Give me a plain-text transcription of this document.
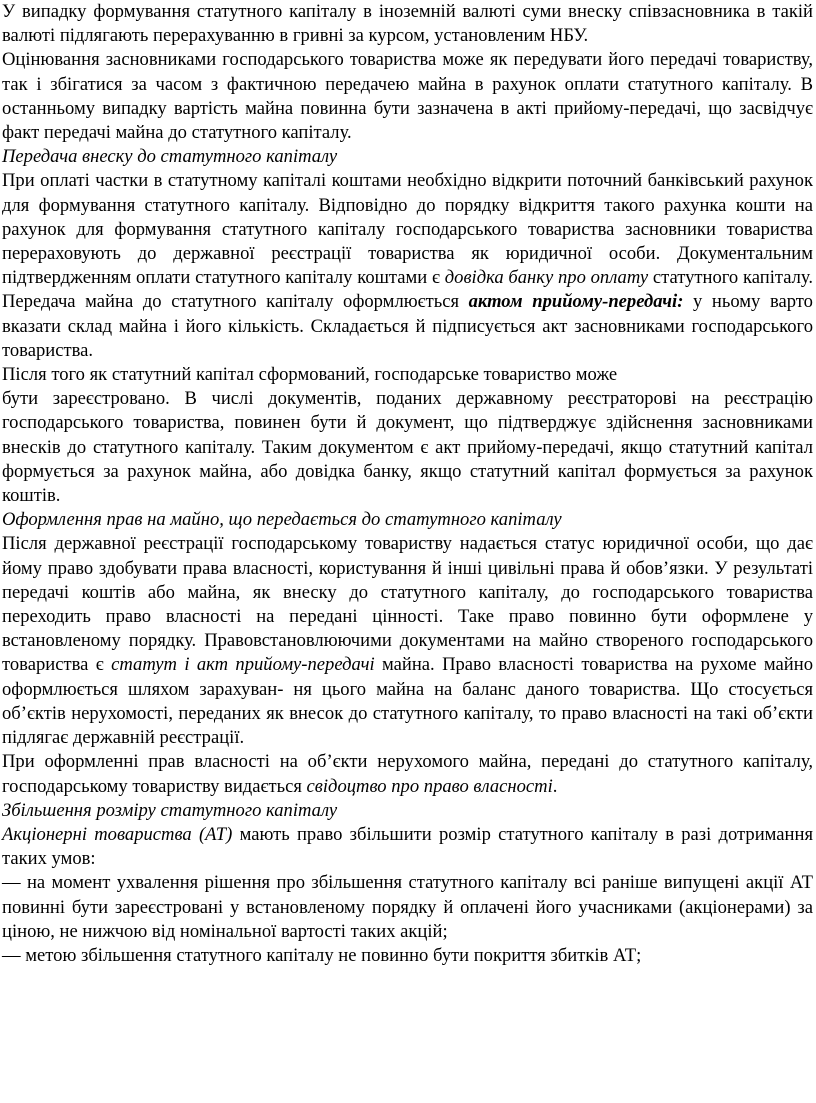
У випадку формування статутного капіталу в іноземній валюті суми внеску співзасновника в такій валюті підлягають перерахуванню в гривні за курсом, установленим НБУ.

Оцінювання засновниками господарського товариства може як передувати його передачі товариству, так і збігатися за часом з фактичною передачею майна в рахунок оплати статутного капіталу. В останньому випадку вартість майна повинна бути зазначена в акті прийому-передачі, що засвідчує факт передачі майна до статутного капіталу.

Передача внеску до статутного капіталу

При оплаті частки в статутному капіталі коштами необхідно відкрити поточний банківський рахунок для формування статутного капіталу. Відповідно до порядку відкриття такого рахунка кошти на рахунок для формування статутного капіталу господарського товариства засновники товариства перераховують до державної реєстрації товариства як юридичної особи. Документальним підтвердженням оплати статутного капіталу коштами є довідка банку про оплату статутного капіталу. Передача майна до статутного капіталу оформлюється актом прийому-передачі: у ньому варто вказати склад майна і його кількість. Складається й підписується акт засновниками господарського товариства.

Після того як статутний капітал сформований, господарське товариство може

бути зареєстровано. В числі документів, поданих державному реєстраторові на реєстрацію господарського товариства, повинен бути й документ, що підтверджує здійснення засновниками внесків до статутного капіталу. Таким документом є акт прийому-передачі, якщо статутний капітал формується за рахунок майна, або довідка банку, якщо статутний капітал формується за рахунок коштів.

Оформлення прав на майно, що передається до статутного капіталу

Після державної реєстрації господарському товариству надається статус юридичної особи, що дає йому право здобувати права власності, користування й інші цивільні права й обов’язки. У результаті передачі коштів або майна, як внеску до статутного капіталу, до господарського товариства переходить право власності на передані цінності. Таке право повинно бути оформлене у встановленому порядку. Правовстановлюючими документами на майно створеного господарського товариства є статут і акт прийому-передачі майна. Право власності товариства на рухоме майно оформлюється шляхом зарахуван- ня цього майна на баланс даного товариства. Що стосується об’єктів нерухомості, переданих як внесок до статутного капіталу, то право власності на такі об’єкти підлягає державній реєстрації.

При оформленні прав власності на об’єкти нерухомого майна, передані до статутного капіталу, господарському товариству видається свідоцтво про право власності.

Збільшення розміру статутного капіталу

Акціонерні товариства (АТ) мають право збільшити розмір статутного капіталу в разі дотримання таких умов:

— на момент ухвалення рішення про збільшення статутного капіталу всі раніше випущені акції АТ повинні бути зареєстровані у встановленому порядку й оплачені його учасниками (акціонерами) за ціною, не нижчою від номінальної вартості таких акцій;

— метою збільшення статутного капіталу не повинно бути покриття збитків АТ;
